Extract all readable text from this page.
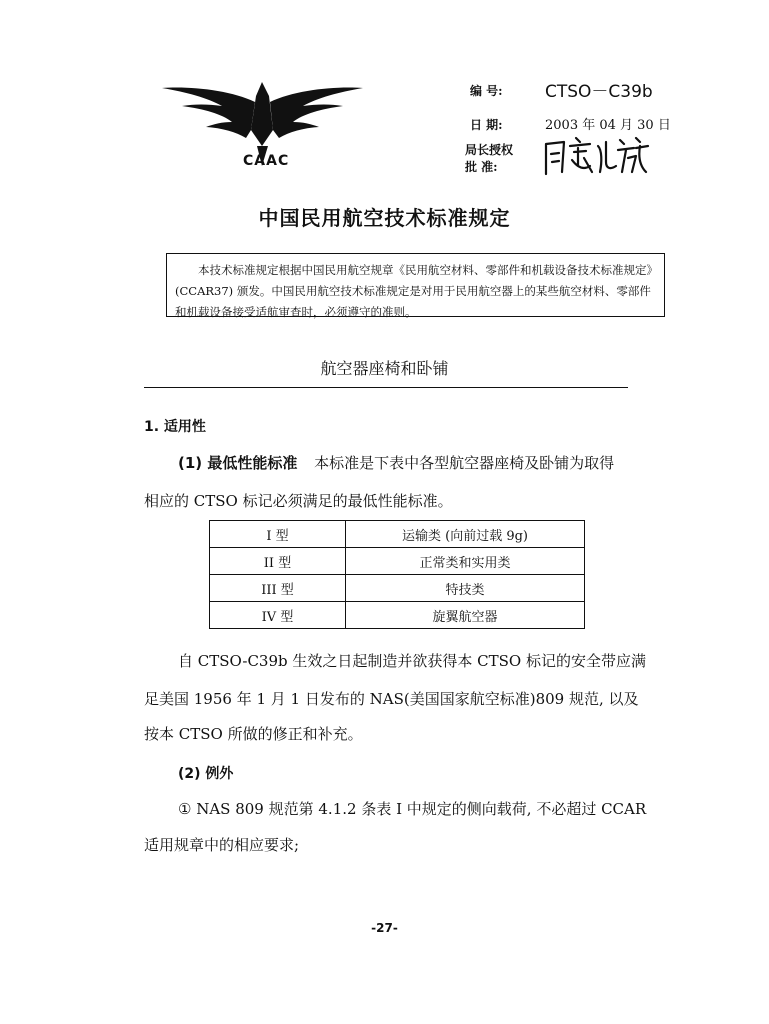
CAAC
编 号: CTSO－C39b
日 期:	2003 年 04 月 30 日
局长授权
批 准:
中国民用航空技术标准规定
本技术标准规定根据中国民用航空规章《民用航空材料、零部件和机载设备技术标准规定》(CCAR37) 颁发。中国民用航空技术标准规定是对用于民用航空器上的某些航空材料、零部件和机载设备接受适航审查时，必须遵守的准则。
航空器座椅和卧铺
1. 适用性
(1) 最低性能标准 本标准是下表中各型航空器座椅及卧铺为取得
相应的 CTSO 标记必须满足的最低性能标准。
I 型	运输类 (向前过载 9g)
II 型	正常类和实用类
III 型	特技类
IV 型	旋翼航空器
自 CTSO-C39b 生效之日起制造并欲获得本 CTSO 标记的安全带应满
足美国 1956 年 1 月 1 日发布的 NAS(美国国家航空标准)809 规范, 以及
按本 CTSO 所做的修正和补充。
(2) 例外
① NAS 809 规范第 4.1.2 条表 I 中规定的侧向载荷, 不必超过 CCAR
适用规章中的相应要求;
-27-
